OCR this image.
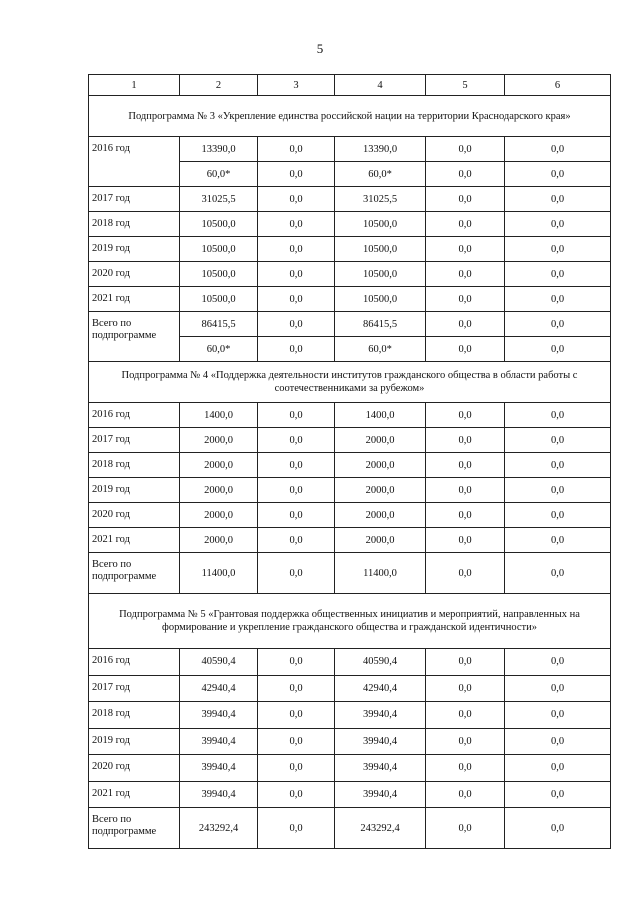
5
1	2	3	4	5	6
Подпрограмма № 3 «Укрепление единства российской нации на территории Краснодарского края»					
2016 год	13390,0	0,0	13390,0	0,0	0,0
	60,0*	0,0	60,0*	0,0	0,0
2017 год	31025,5	0,0	31025,5	0,0	0,0
2018 год	10500,0	0,0	10500,0	0,0	0,0
2019 год	10500,0	0,0	10500,0	0,0	0,0
2020 год	10500,0	0,0	10500,0	0,0	0,0
2021 год	10500,0	0,0	10500,0	0,0	0,0
Всего по подпрограмме	86415,5	0,0	86415,5	0,0	0,0
	60,0*	0,0	60,0*	0,0	0,0
Подпрограмма № 4 «Поддержка деятельности институтов гражданского общества в области работы с соотечественниками за рубежом»					
2016 год	1400,0	0,0	1400,0	0,0	0,0
2017 год	2000,0	0,0	2000,0	0,0	0,0
2018 год	2000,0	0,0	2000,0	0,0	0,0
2019 год	2000,0	0,0	2000,0	0,0	0,0
2020 год	2000,0	0,0	2000,0	0,0	0,0
2021 год	2000,0	0,0	2000,0	0,0	0,0
Всего по подпрограмме	11400,0	0,0	11400,0	0,0	0,0
Подпрограмма № 5 «Грантовая поддержка общественных инициатив и мероприятий, направленных на формирование и укрепление гражданского общества и гражданской идентичности»					
2016 год	40590,4	0,0	40590,4	0,0	0,0
2017 год	42940,4	0,0	42940,4	0,0	0,0
2018 год	39940,4	0,0	39940,4	0,0	0,0
2019 год	39940,4	0,0	39940,4	0,0	0,0
2020 год	39940,4	0,0	39940,4	0,0	0,0
2021 год	39940,4	0,0	39940,4	0,0	0,0
Всего по подпрограмме	243292,4	0,0	243292,4	0,0	0,0
